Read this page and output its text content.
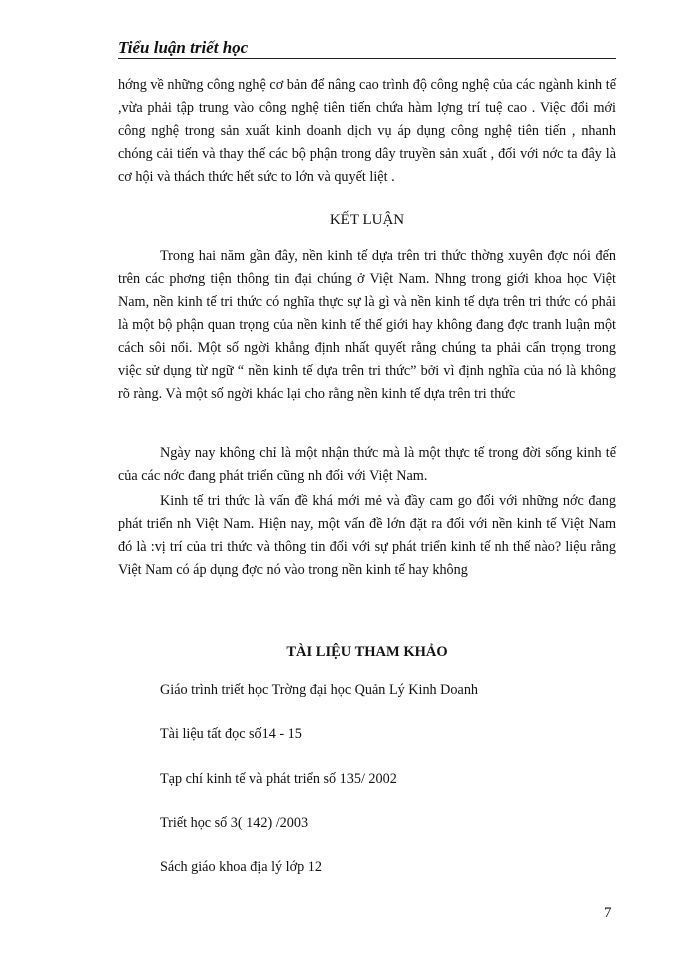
Tiểu luận triết học

hớng về những công nghệ cơ bản để nâng cao trình độ công nghệ của các ngành kinh tế ,vừa phải tập trung vào công nghệ tiên tiến chứa hàm lợng trí tuệ cao . Việc đổi mới công nghệ trong sản xuất kinh doanh dịch vụ áp dụng công nghệ tiên tiến , nhanh chóng cải tiến và thay thế các bộ phận trong dây truyền sản xuất , đối với nớc ta đây là cơ hội và thách thức hết sức to lớn và quyết liệt .

KẾT LUẬN

Trong hai năm gần đây, nền kinh tế dựa trên tri thức thờng xuyên đợc nói đến trên các phơng tiện thông tin đại chúng ở Việt Nam. Nhng trong giới khoa học Việt Nam, nền kinh tế tri thức có nghĩa thực sự là gì và nền kinh tế dựa trên tri thức có phải là một bộ phận quan trọng của nền kinh tế thế giới hay không đang đợc tranh luận một cách sôi nổi. Một số ngời khẳng định nhất quyết rằng chúng ta phải cẩn trọng trong việc sử dụng từ ngữ “ nền kinh tế dựa trên tri thức” bởi vì định nghĩa của nó là không rõ ràng. Và một số ngời khác lại cho rằng nền kinh tế dựa trên tri thức

Ngày nay không chỉ là một nhận thức mà là một thực tế trong đời sống kinh tế của các nớc đang phát triển cũng nh đối với Việt Nam.

Kinh tế tri thức là vấn đề khá mới mẻ và đầy cam go đối với những nớc đang phát triển nh Việt Nam. Hiện nay, một vấn đề lớn đặt ra đối với nền kinh tế Việt Nam đó là :vị trí của tri thức và thông tin đối với sự phát triển kinh tế nh thế nào? liệu rằng Việt Nam có áp dụng đợc nó vào trong nền kinh tế hay không

TÀI LIỆU THAM KHẢO
Giáo trình triết học Trờng đại học Quản Lý Kinh Doanh
Tài liệu tất đọc số14 - 15
Tạp chí kinh tế và phát triển số 135/ 2002
Triết học số 3( 142) /2003
Sách giáo khoa địa lý lớp 12
7
